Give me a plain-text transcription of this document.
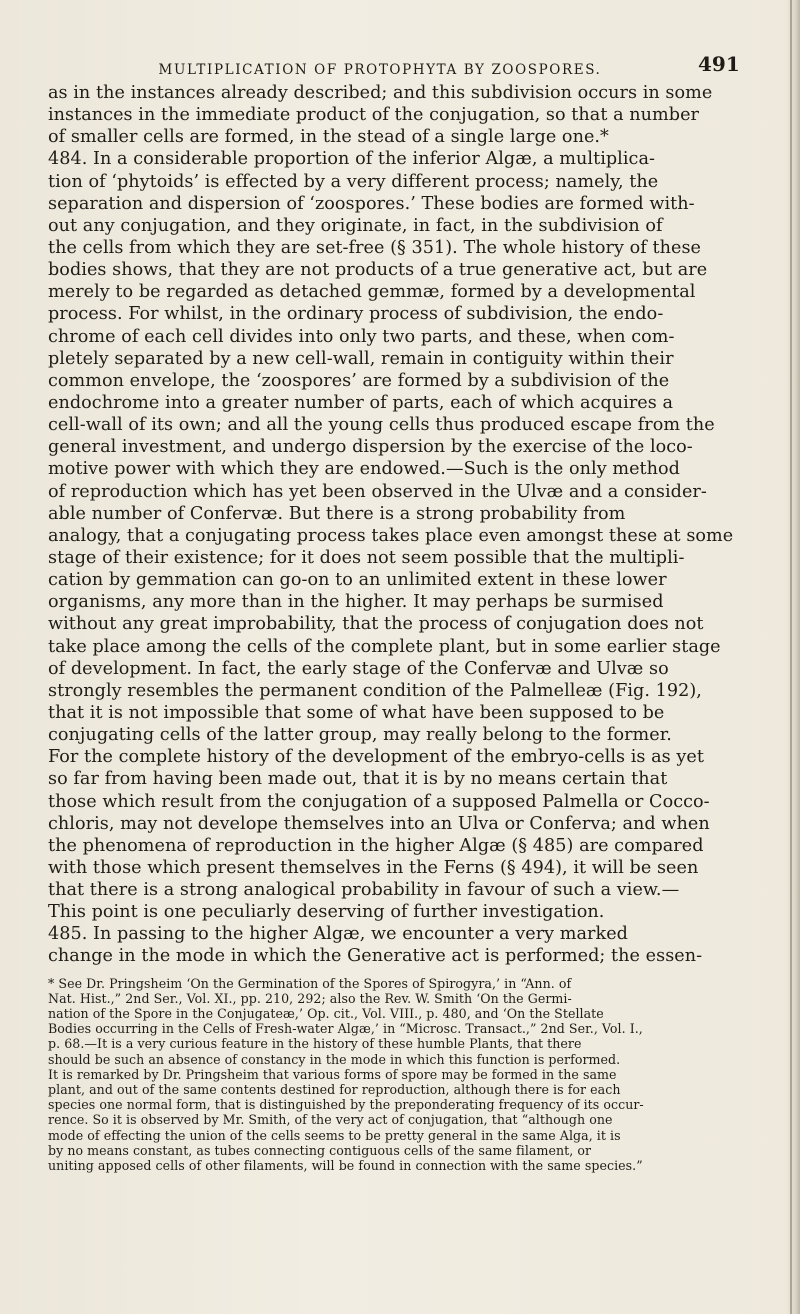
MULTIPLICATION OF PROTOPHYTA BY ZOOSPORES.	491
as in the instances already described; and this subdivision occurs in some
instances in the immediate product of the conjugation, so that a number
of smaller cells are formed, in the stead of a single large one.*
484. In a considerable proportion of the inferior Algæ, a multiplica-
tion of ‘phytoids’ is effected by a very different process; namely, the
separation and dispersion of ‘zoospores.’ These bodies are formed with-
out any conjugation, and they originate, in fact, in the subdivision of
the cells from which they are set-free (§ 351). The whole history of these
bodies shows, that they are not products of a true generative act, but are
merely to be regarded as detached gemmæ, formed by a developmental
process. For whilst, in the ordinary process of subdivision, the endo-
chrome of each cell divides into only two parts, and these, when com-
pletely separated by a new cell-wall, remain in contiguity within their
common envelope, the ‘zoospores’ are formed by a subdivision of the
endochrome into a greater number of parts, each of which acquires a
cell-wall of its own; and all the young cells thus produced escape from the
general investment, and undergo dispersion by the exercise of the loco-
motive power with which they are endowed.—Such is the only method
of reproduction which has yet been observed in the Ulvæ and a consider-
able number of Confervæ. But there is a strong probability from
analogy, that a conjugating process takes place even amongst these at some
stage of their existence; for it does not seem possible that the multipli-
cation by gemmation can go-on to an unlimited extent in these lower
organisms, any more than in the higher. It may perhaps be surmised
without any great improbability, that the process of conjugation does not
take place among the cells of the complete plant, but in some earlier stage
of development. In fact, the early stage of the Confervæ and Ulvæ so
strongly resembles the permanent condition of the Palmelleæ (Fig. 192),
that it is not impossible that some of what have been supposed to be
conjugating cells of the latter group, may really belong to the former.
For the complete history of the development of the embryo-cells is as yet
so far from having been made out, that it is by no means certain that
those which result from the conjugation of a supposed Palmella or Cocco-
chloris, may not develope themselves into an Ulva or Conferva; and when
the phenomena of reproduction in the higher Algæ (§ 485) are compared
with those which present themselves in the Ferns (§ 494), it will be seen
that there is a strong analogical probability in favour of such a view.—
This point is one peculiarly deserving of further investigation.
485. In passing to the higher Algæ, we encounter a very marked
change in the mode in which the Generative act is performed; the essen-
* See Dr. Pringsheim ‘On the Germination of the Spores of Spirogyra,’ in “Ann. of
Nat. Hist.,” 2nd Ser., Vol. XI., pp. 210, 292; also the Rev. W. Smith ‘On the Germi-
nation of the Spore in the Conjugateæ,’ Op. cit., Vol. VIII., p. 480, and ‘On the Stellate
Bodies occurring in the Cells of Fresh-water Algæ,’ in “Microsc. Transact.,” 2nd Ser., Vol. I.,
p. 68.—It is a very curious feature in the history of these humble Plants, that there
should be such an absence of constancy in the mode in which this function is performed.
It is remarked by Dr. Pringsheim that various forms of spore may be formed in the same
plant, and out of the same contents destined for reproduction, although there is for each
species one normal form, that is distinguished by the preponderating frequency of its occur-
rence. So it is observed by Mr. Smith, of the very act of conjugation, that “although one
mode of effecting the union of the cells seems to be pretty general in the same Alga, it is
by no means constant, as tubes connecting contiguous cells of the same filament, or
uniting apposed cells of other filaments, will be found in connection with the same species.”
